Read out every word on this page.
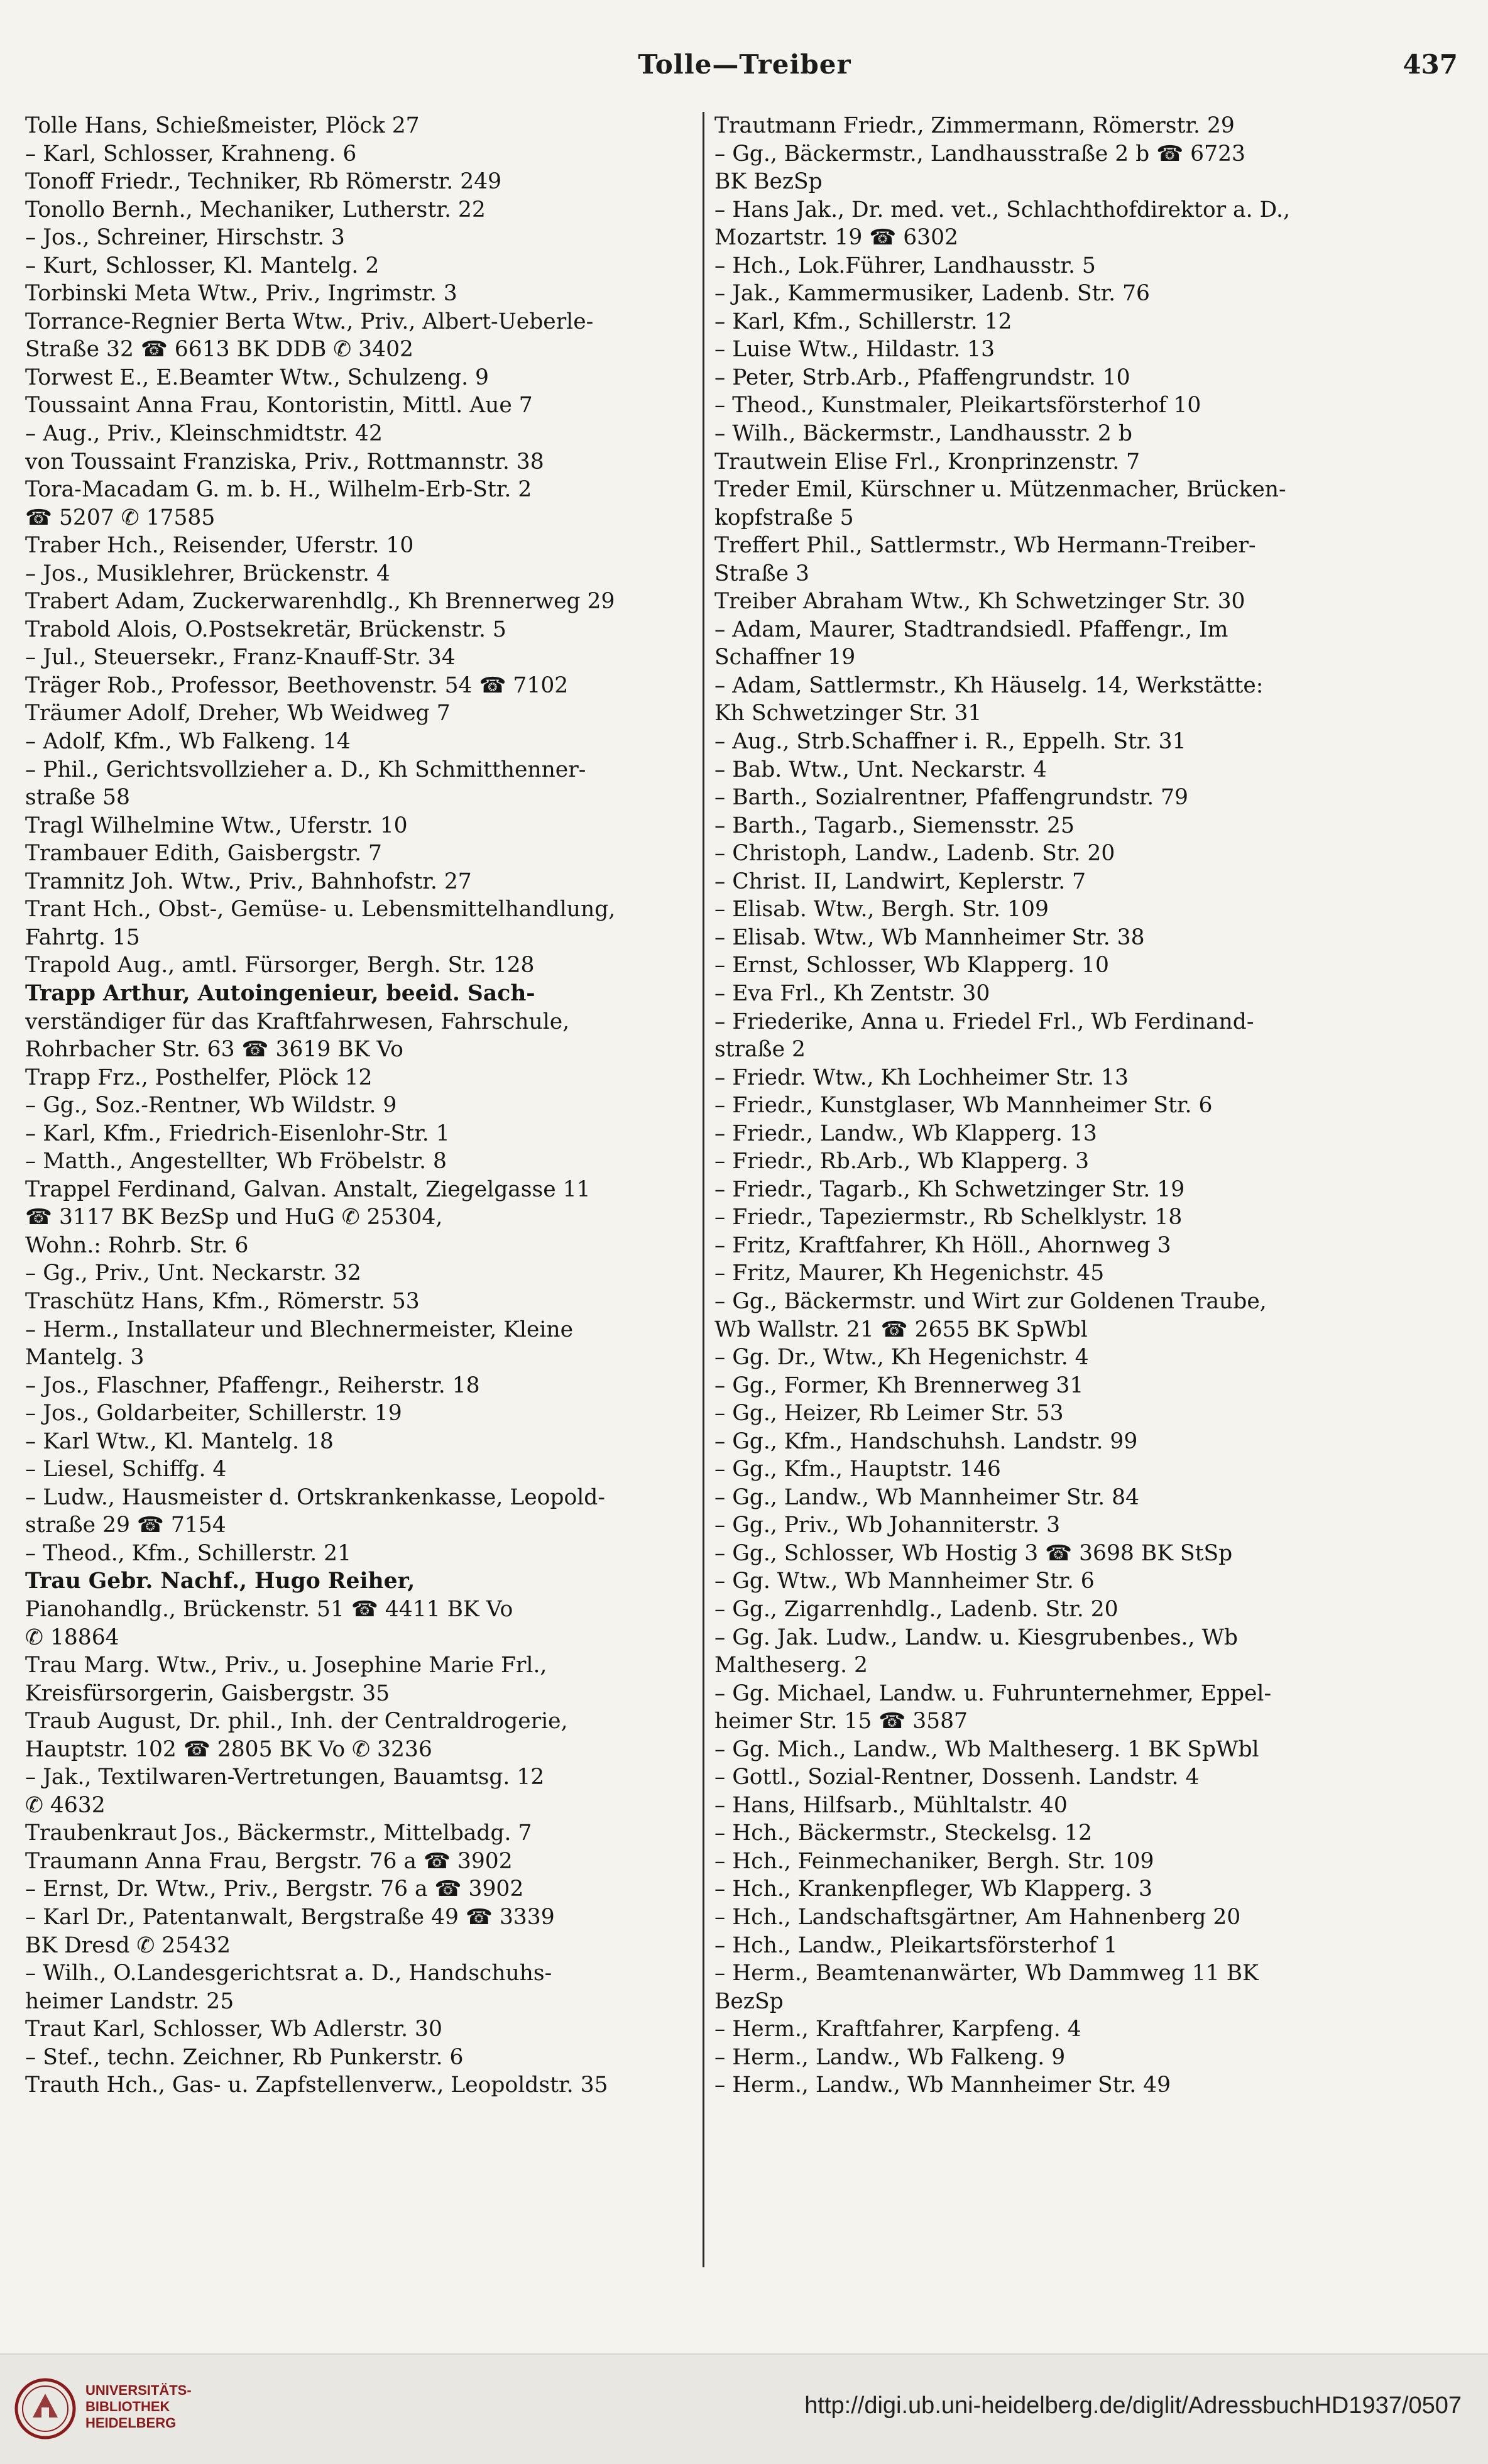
Tolle—Treiber	437
Tolle Hans, Schießmeister, Plöck 27
– Karl, Schlosser, Krahneng. 6
Tonoff Friedr., Techniker, Rb Römerstr. 249
Tonollo Bernh., Mechaniker, Lutherstr. 22
– Jos., Schreiner, Hirschstr. 3
– Kurt, Schlosser, Kl. Mantelg. 2
Torbinski Meta Wtw., Priv., Ingrimstr. 3
Torrance-Regnier Berta Wtw., Priv., Albert-Ueberle-
Straße 32 ☎ 6613 BK DDB ✆ 3402
Torwest E., E.Beamter Wtw., Schulzeng. 9
Toussaint Anna Frau, Kontoristin, Mittl. Aue 7
– Aug., Priv., Kleinschmidtstr. 42
von Toussaint Franziska, Priv., Rottmannstr. 38
Tora-Macadam G. m. b. H., Wilhelm-Erb-Str. 2
☎ 5207 ✆ 17585
Traber Hch., Reisender, Uferstr. 10
– Jos., Musiklehrer, Brückenstr. 4
Trabert Adam, Zuckerwarenhdlg., Kh Brennerweg 29
Trabold Alois, O.Postsekretär, Brückenstr. 5
– Jul., Steuersekr., Franz-Knauff-Str. 34
Träger Rob., Professor, Beethovenstr. 54 ☎ 7102
Träumer Adolf, Dreher, Wb Weidweg 7
– Adolf, Kfm., Wb Falkeng. 14
– Phil., Gerichtsvollzieher a. D., Kh Schmitthenner-
straße 58
Tragl Wilhelmine Wtw., Uferstr. 10
Trambauer Edith, Gaisbergstr. 7
Tramnitz Joh. Wtw., Priv., Bahnhofstr. 27
Trant Hch., Obst-, Gemüse- u. Lebensmittelhandlung,
Fahrtg. 15
Trapold Aug., amtl. Fürsorger, Bergh. Str. 128
Trapp Arthur, Autoingenieur, beeid. Sach-
verständiger für das Kraftfahrwesen, Fahrschule,
Rohrbacher Str. 63 ☎ 3619 BK Vo
Trapp Frz., Posthelfer, Plöck 12
– Gg., Soz.-Rentner, Wb Wildstr. 9
– Karl, Kfm., Friedrich-Eisenlohr-Str. 1
– Matth., Angestellter, Wb Fröbelstr. 8
Trappel Ferdinand, Galvan. Anstalt, Ziegelgasse 11
☎ 3117 BK BezSp und HuG ✆ 25304,
Wohn.: Rohrb. Str. 6
– Gg., Priv., Unt. Neckarstr. 32
Traschütz Hans, Kfm., Römerstr. 53
– Herm., Installateur und Blechnermeister, Kleine
Mantelg. 3
– Jos., Flaschner, Pfaffengr., Reiherstr. 18
– Jos., Goldarbeiter, Schillerstr. 19
– Karl Wtw., Kl. Mantelg. 18
– Liesel, Schiffg. 4
– Ludw., Hausmeister d. Ortskrankenkasse, Leopold-
straße 29 ☎ 7154
– Theod., Kfm., Schillerstr. 21
Trau Gebr. Nachf., Hugo Reiher,
Pianohandlg., Brückenstr. 51 ☎ 4411 BK Vo
✆ 18864
Trau Marg. Wtw., Priv., u. Josephine Marie Frl.,
Kreisfürsorgerin, Gaisbergstr. 35
Traub August, Dr. phil., Inh. der Centraldrogerie,
Hauptstr. 102 ☎ 2805 BK Vo ✆ 3236
– Jak., Textilwaren-Vertretungen, Bauamtsg. 12
✆ 4632
Traubenkraut Jos., Bäckermstr., Mittelbadg. 7
Traumann Anna Frau, Bergstr. 76 a ☎ 3902
– Ernst, Dr. Wtw., Priv., Bergstr. 76 a ☎ 3902
– Karl Dr., Patentanwalt, Bergstraße 49 ☎ 3339
BK Dresd ✆ 25432
– Wilh., O.Landesgerichtsrat a. D., Handschuhs-
heimer Landstr. 25
Traut Karl, Schlosser, Wb Adlerstr. 30
– Stef., techn. Zeichner, Rb Punkerstr. 6
Trauth Hch., Gas- u. Zapfstellenverw., Leopoldstr. 35
Trautmann Friedr., Zimmermann, Römerstr. 29
– Gg., Bäckermstr., Landhausstraße 2 b ☎ 6723
BK BezSp
– Hans Jak., Dr. med. vet., Schlachthofdirektor a. D.,
Mozartstr. 19 ☎ 6302
– Hch., Lok.Führer, Landhausstr. 5
– Jak., Kammermusiker, Ladenb. Str. 76
– Karl, Kfm., Schillerstr. 12
– Luise Wtw., Hildastr. 13
– Peter, Strb.Arb., Pfaffengrundstr. 10
– Theod., Kunstmaler, Pleikartsförsterhof 10
– Wilh., Bäckermstr., Landhausstr. 2 b
Trautwein Elise Frl., Kronprinzenstr. 7
Treder Emil, Kürschner u. Mützenmacher, Brücken-
kopfstraße 5
Treffert Phil., Sattlermstr., Wb Hermann-Treiber-
Straße 3
Treiber Abraham Wtw., Kh Schwetzinger Str. 30
– Adam, Maurer, Stadtrandsiedl. Pfaffengr., Im
Schaffner 19
– Adam, Sattlermstr., Kh Häuselg. 14, Werkstätte:
Kh Schwetzinger Str. 31
– Aug., Strb.Schaffner i. R., Eppelh. Str. 31
– Bab. Wtw., Unt. Neckarstr. 4
– Barth., Sozialrentner, Pfaffengrundstr. 79
– Barth., Tagarb., Siemensstr. 25
– Christoph, Landw., Ladenb. Str. 20
– Christ. II, Landwirt, Keplerstr. 7
– Elisab. Wtw., Bergh. Str. 109
– Elisab. Wtw., Wb Mannheimer Str. 38
– Ernst, Schlosser, Wb Klapperg. 10
– Eva Frl., Kh Zentstr. 30
– Friederike, Anna u. Friedel Frl., Wb Ferdinand-
straße 2
– Friedr. Wtw., Kh Lochheimer Str. 13
– Friedr., Kunstglaser, Wb Mannheimer Str. 6
– Friedr., Landw., Wb Klapperg. 13
– Friedr., Rb.Arb., Wb Klapperg. 3
– Friedr., Tagarb., Kh Schwetzinger Str. 19
– Friedr., Tapeziermstr., Rb Schelklystr. 18
– Fritz, Kraftfahrer, Kh Höll., Ahornweg 3
– Fritz, Maurer, Kh Hegenichstr. 45
– Gg., Bäckermstr. und Wirt zur Goldenen Traube,
Wb Wallstr. 21 ☎ 2655 BK SpWbl
– Gg. Dr., Wtw., Kh Hegenichstr. 4
– Gg., Former, Kh Brennerweg 31
– Gg., Heizer, Rb Leimer Str. 53
– Gg., Kfm., Handschuhsh. Landstr. 99
– Gg., Kfm., Hauptstr. 146
– Gg., Landw., Wb Mannheimer Str. 84
– Gg., Priv., Wb Johanniterstr. 3
– Gg., Schlosser, Wb Hostig 3 ☎ 3698 BK StSp
– Gg. Wtw., Wb Mannheimer Str. 6
– Gg., Zigarrenhdlg., Ladenb. Str. 20
– Gg. Jak. Ludw., Landw. u. Kiesgrubenbes., Wb
Maltheserg. 2
– Gg. Michael, Landw. u. Fuhrunternehmer, Eppel-
heimer Str. 15 ☎ 3587
– Gg. Mich., Landw., Wb Maltheserg. 1 BK SpWbl
– Gottl., Sozial-Rentner, Dossenh. Landstr. 4
– Hans, Hilfsarb., Mühltalstr. 40
– Hch., Bäckermstr., Steckelsg. 12
– Hch., Feinmechaniker, Bergh. Str. 109
– Hch., Krankenpfleger, Wb Klapperg. 3
– Hch., Landschaftsgärtner, Am Hahnenberg 20
– Hch., Landw., Pleikartsförsterhof 1
– Herm., Beamtenanwärter, Wb Dammweg 11 BK
BezSp
– Herm., Kraftfahrer, Karpfeng. 4
– Herm., Landw., Wb Falkeng. 9
– Herm., Landw., Wb Mannheimer Str. 49
UNIVERSITÄTS-
BIBLIOTHEK
HEIDELBERG
http://digi.ub.uni-heidelberg.de/diglit/AdressbuchHD1937/0507
